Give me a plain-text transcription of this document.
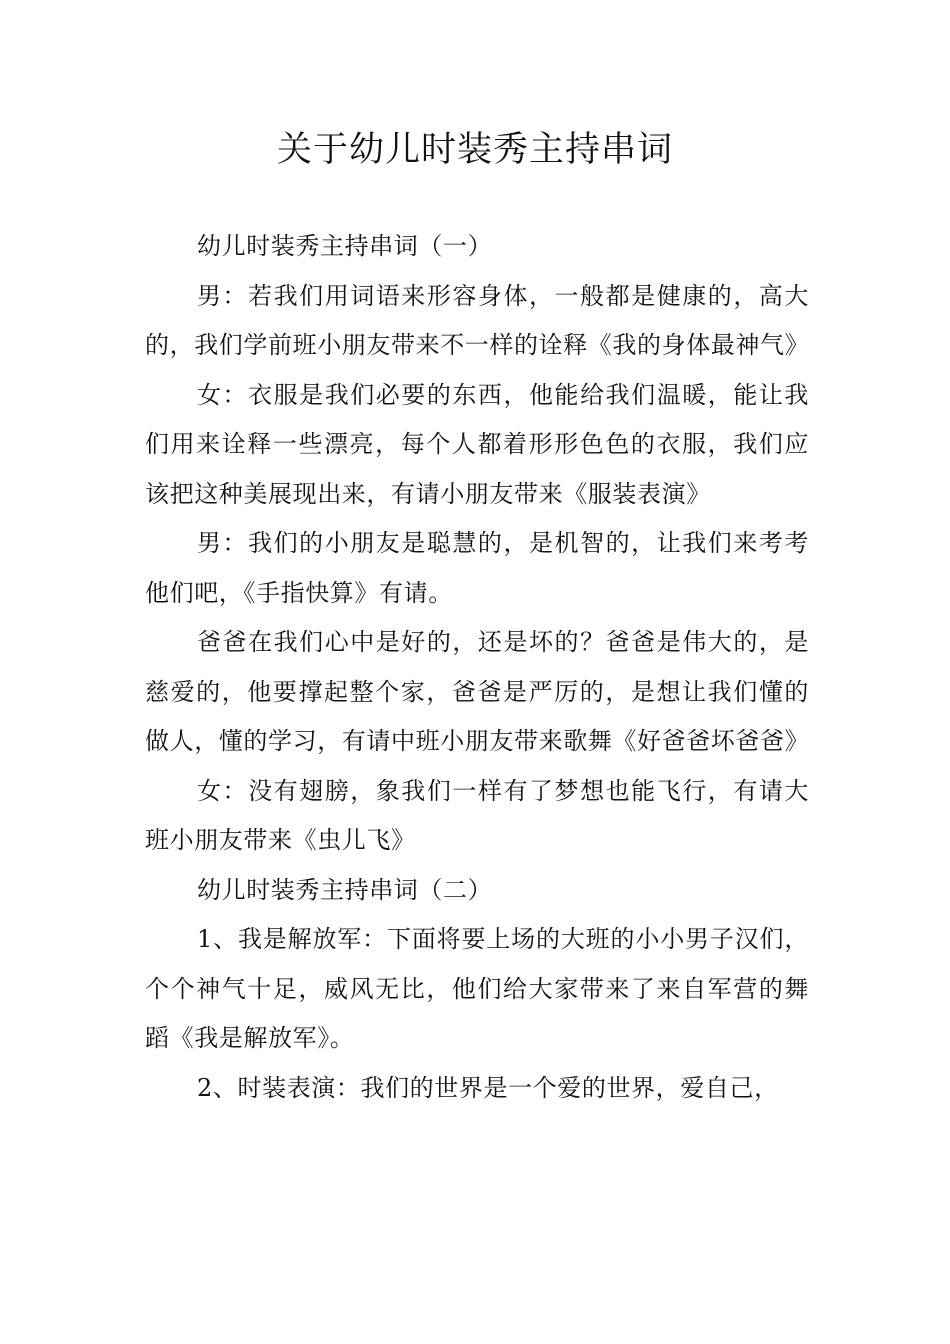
关于幼儿时装秀主持串词

幼儿时装秀主持串词（一）

男：若我们用词语来形容身体，一般都是健康的，高大的，我们学前班小朋友带来不一样的诠释《我的身体最神气》

女：衣服是我们必要的东西，他能给我们温暖，能让我们用来诠释一些漂亮，每个人都着形形色色的衣服，我们应该把这种美展现出来，有请小朋友带来《服装表演》

男：我们的小朋友是聪慧的，是机智的，让我们来考考他们吧，《手指快算》有请。

爸爸在我们心中是好的，还是坏的？爸爸是伟大的，是慈爱的，他要撑起整个家，爸爸是严厉的，是想让我们懂的做人，懂的学习，有请中班小朋友带来歌舞《好爸爸坏爸爸》

女：没有翅膀，象我们一样有了梦想也能飞行，有请大班小朋友带来《虫儿飞》

幼儿时装秀主持串词（二）

1、我是解放军：下面将要上场的大班的小小男子汉们，个个神气十足，威风无比，他们给大家带来了来自军营的舞蹈《我是解放军》。

2、时装表演：我们的世界是一个爱的世界，爱自己，
